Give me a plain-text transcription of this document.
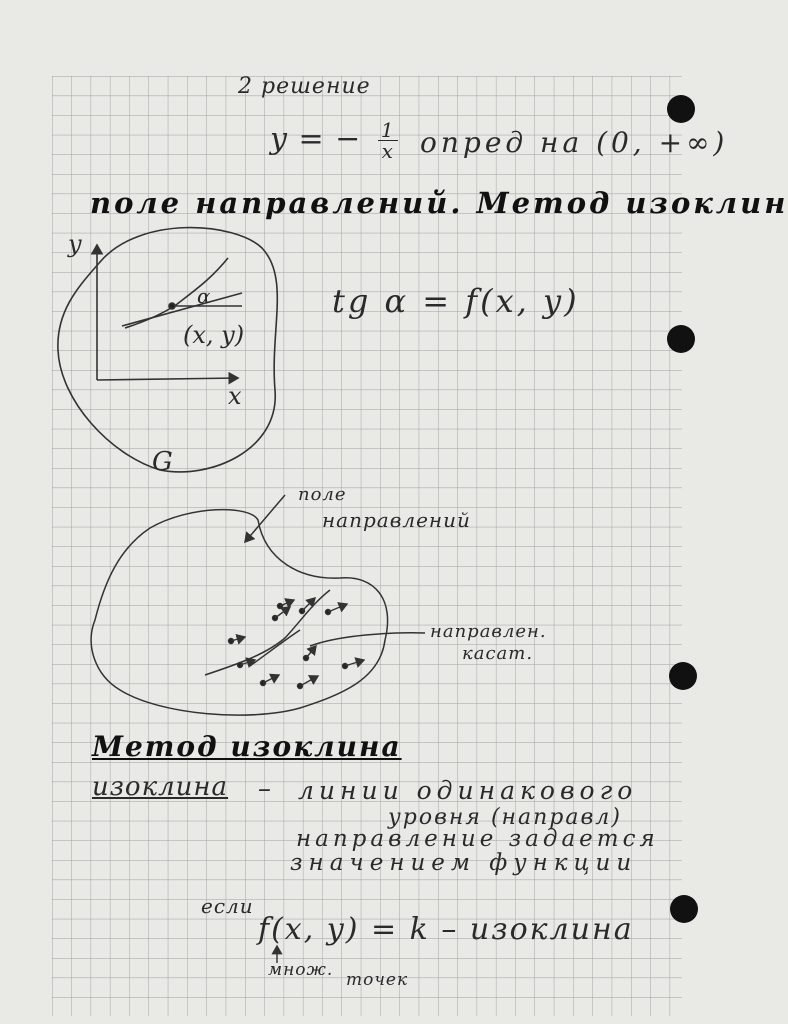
y
x
α
(x, y)
G
2 решение
y = − $\frac{1}{x}$ опред на (0, +∞)
поле направлений. Метод изоклин
tg α = f(x, y)
поле
направлений
направлен.
касат.
Метод изоклина
изоклина – линии одинакового
уровня (направл)
направление задается
значением функции
если
f(x, y) = k – изоклина
множ. точек
